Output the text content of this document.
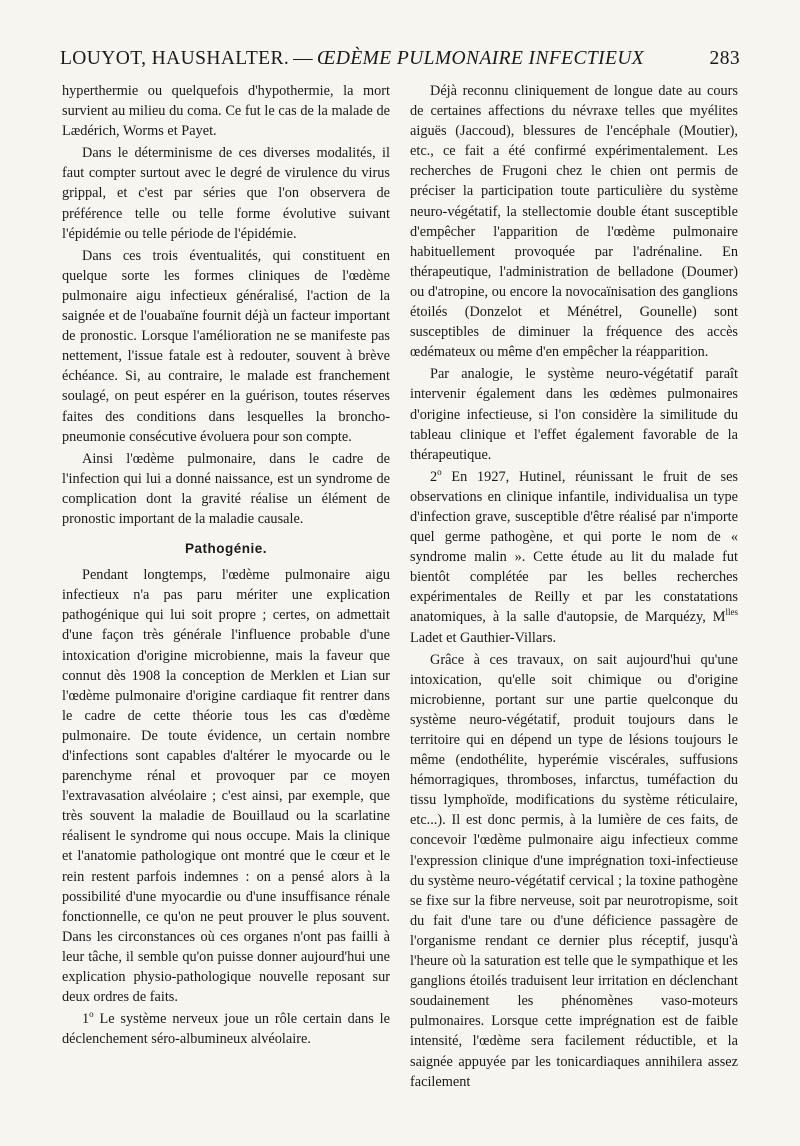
LOUYOT, HAUSHALTER. — ŒDÈME PULMONAIRE INFECTIEUX	283

hyperthermie ou quelquefois d'hypothermie, la mort survient au milieu du coma. Ce fut le cas de la malade de Lædérich, Worms et Payet.

Dans le déterminisme de ces diverses modalités, il faut compter surtout avec le degré de virulence du virus grippal, et c'est par séries que l'on observera de préférence telle ou telle forme évolutive suivant l'épidémie ou telle période de l'épidémie.

Dans ces trois éventualités, qui constituent en quelque sorte les formes cliniques de l'œdème pulmonaire aigu infectieux généralisé, l'action de la saignée et de l'ouabaïne fournit déjà un facteur important de pronostic. Lorsque l'amélioration ne se manifeste pas nettement, l'issue fatale est à redouter, souvent à brève échéance. Si, au contraire, le malade est franchement soulagé, on peut espérer en la guérison, toutes réserves faites des conditions dans lesquelles la broncho-pneumonie consécutive évoluera pour son compte.

Ainsi l'œdème pulmonaire, dans le cadre de l'infection qui lui a donné naissance, est un syndrome de complication dont la gravité réalise un élément de pronostic important de la maladie causale.

Pathogénie.

Pendant longtemps, l'œdème pulmonaire aigu infectieux n'a pas paru mériter une explication pathogénique qui lui soit propre ; certes, on admettait d'une façon très générale l'influence probable d'une intoxication d'origine microbienne, mais la faveur que connut dès 1908 la conception de Merklen et Lian sur l'œdème pulmonaire d'origine cardiaque fit rentrer dans le cadre de cette théorie tous les cas d'œdème pulmonaire. De toute évidence, un certain nombre d'infections sont capables d'altérer le myocarde ou le parenchyme rénal et provoquer par ce moyen l'extravasation alvéolaire ; c'est ainsi, par exemple, que très souvent la maladie de Bouillaud ou la scarlatine réalisent le syndrome qui nous occupe. Mais la clinique et l'anatomie pathologique ont montré que le cœur et le rein restent parfois indemnes : on a pensé alors à la possibilité d'une myocardie ou d'une insuffisance rénale fonctionnelle, ce qu'on ne peut prouver le plus souvent. Dans les circonstances où ces organes n'ont pas failli à leur tâche, il semble qu'on puisse donner aujourd'hui une explication physio-pathologique nouvelle reposant sur deux ordres de faits.

1$^o$ Le système nerveux joue un rôle certain dans le déclenchement séro-albumineux alvéolaire.

Déjà reconnu cliniquement de longue date au cours de certaines affections du névraxe telles que myélites aiguës (Jaccoud), blessures de l'encéphale (Moutier), etc., ce fait a été confirmé expérimentalement. Les recherches de Frugoni chez le chien ont permis de préciser la participation toute particulière du système neuro-végétatif, la stellectomie double étant susceptible d'empêcher l'apparition de l'œdème pulmonaire habituellement provoquée par l'adrénaline. En thérapeutique, l'administration de belladone (Doumer) ou d'atropine, ou encore la novocaïnisation des ganglions étoilés (Donzelot et Ménétrel, Gounelle) sont susceptibles de diminuer la fréquence des accès œdémateux ou même d'en empêcher la réapparition.

Par analogie, le système neuro-végétatif paraît intervenir également dans les œdèmes pulmonaires d'origine infectieuse, si l'on considère la similitude du tableau clinique et l'effet également favorable de la thérapeutique.

2$^o$ En 1927, Hutinel, réunissant le fruit de ses observations en clinique infantile, individualisa un type d'infection grave, susceptible d'être réalisé par n'importe quel germe pathogène, et qui porte le nom de « syndrome malin ». Cette étude au lit du malade fut bientôt complétée par les belles recherches expérimentales de Reilly et par les constatations anatomiques, à la salle d'autopsie, de Marquézy, $M^{lles}$ Ladet et Gauthier-Villars.

Grâce à ces travaux, on sait aujourd'hui qu'une intoxication, qu'elle soit chimique ou d'origine microbienne, portant sur une partie quelconque du système neuro-végétatif, produit toujours dans le territoire qui en dépend un type de lésions toujours le même (endothélite, hyperémie viscérales, suffusions hémorragiques, thromboses, infarctus, tuméfaction du tissu lymphoïde, modifications du système réticulaire, etc...). Il est donc permis, à la lumière de ces faits, de concevoir l'œdème pulmonaire aigu infectieux comme l'expression clinique d'une imprégnation toxi-infectieuse du système neuro-végétatif cervical ; la toxine pathogène se fixe sur la fibre nerveuse, soit par neurotropisme, soit du fait d'une tare ou d'une déficience passagère de l'organisme rendant ce dernier plus réceptif, jusqu'à l'heure où la saturation est telle que le sympathique et les ganglions étoilés traduisent leur irritation en déclenchant soudainement les phénomènes vaso-moteurs pulmonaires. Lorsque cette imprégnation est de faible intensité, l'œdème sera facilement réductible, et la saignée appuyée par les tonicardiaques annihilera assez facilement
